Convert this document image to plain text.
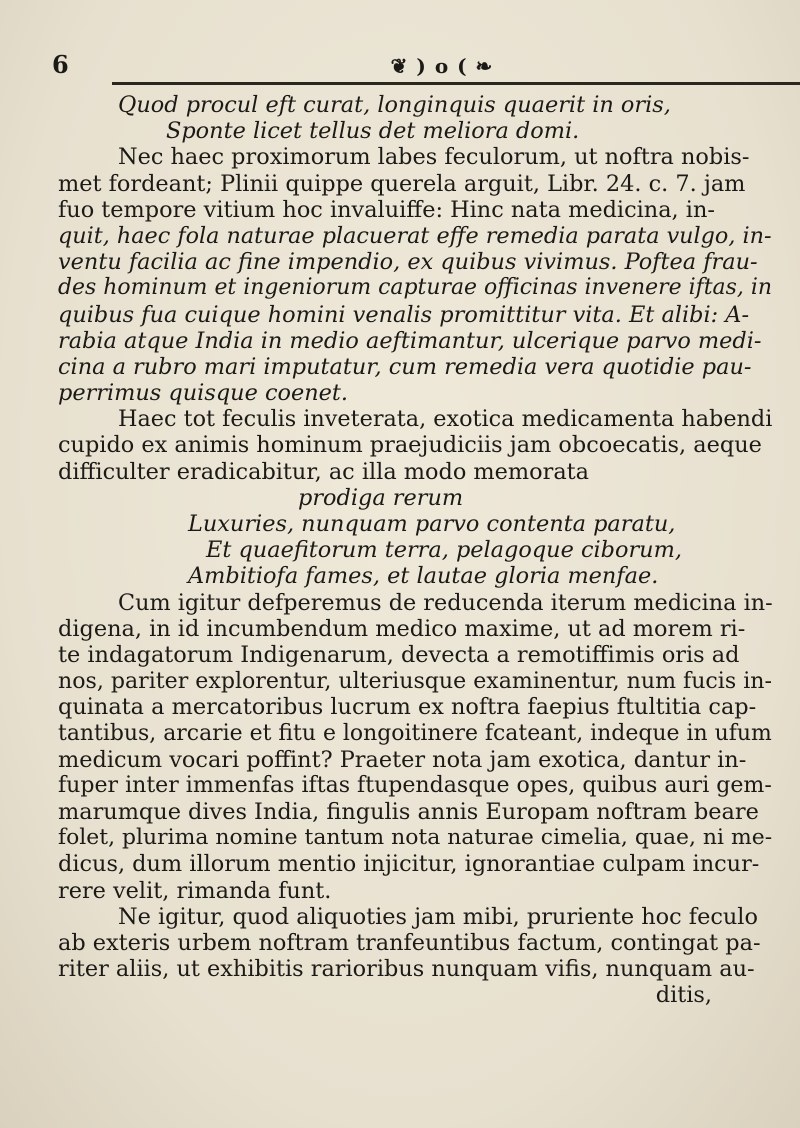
6	❦ ) o ( ❧
Quod procul eft curat, longinquis quaerit in oris,
Sponte licet tellus det meliora domi.
Nec haec proximorum labes feculorum, ut noftra nobis-
met fordeant; Plinii quippe querela arguit, Libr. 24. c. 7. jam
fuo tempore vitium hoc invaluiffe: Hinc nata medicina, in-
quit, haec fola naturae placuerat effe remedia parata vulgo, in-
ventu facilia ac fine impendio, ex quibus vivimus. Poftea frau-
des hominum et ingeniorum capturae officinas invenere iftas, in
quibus fua cuique homini venalis promittitur vita. Et alibi: A-
rabia atque India in medio aeftimantur, ulcerique parvo medi-
cina a rubro mari imputatur, cum remedia vera quotidie pau-
perrimus quisque coenet.
Haec tot feculis inveterata, exotica medicamenta habendi
cupido ex animis hominum praejudiciis jam obcoecatis, aeque
difficulter eradicabitur, ac illa modo memorata
prodiga rerum
Luxuries, nunquam parvo contenta paratu,
Et quaefitorum terra, pelagoque ciborum,
Ambitiofa fames, et lautae gloria menfae.
Cum igitur defperemus de reducenda iterum medicina in-
digena, in id incumbendum medico maxime, ut ad morem ri-
te indagatorum Indigenarum, devecta a remotiffimis oris ad
nos, pariter explorentur, ulteriusque examinentur, num fucis in-
quinata a mercatoribus lucrum ex noftra faepius ftultitia cap-
tantibus, arcarie et fitu e longoitinere fcateant, indeque in ufum
medicum vocari poffint? Praeter nota jam exotica, dantur in-
fuper inter immenfas iftas ftupendasque opes, quibus auri gem-
marumque dives India, fingulis annis Europam noftram beare
folet, plurima nomine tantum nota naturae cimelia, quae, ni me-
dicus, dum illorum mentio injicitur, ignorantiae culpam incur-
rere velit, rimanda funt.
Ne igitur, quod aliquoties jam mibi, pruriente hoc feculo
ab exteris urbem noftram tranfeuntibus factum, contingat pa-
riter aliis, ut exhibitis rarioribus nunquam vifis, nunquam au-
ditis,
